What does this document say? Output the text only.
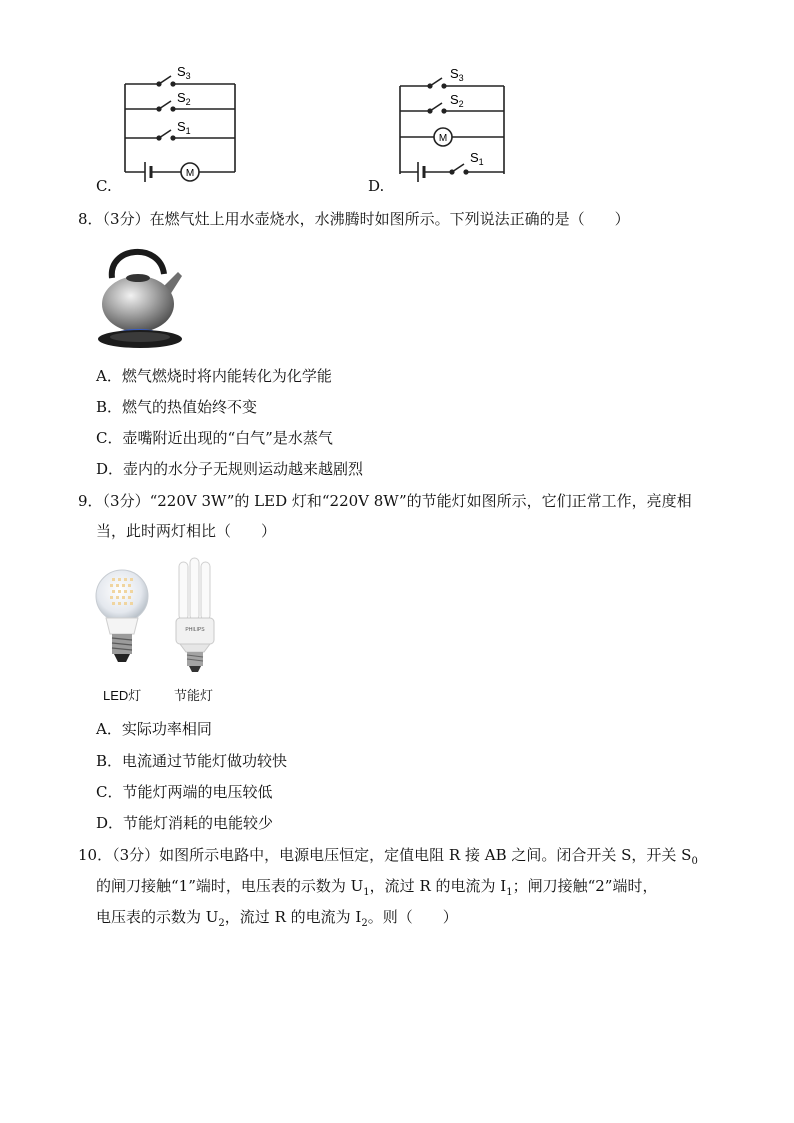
C.
M
$S_3$
$S_2$
$S_1$
D.
M
$S_3$
$S_2$
$S_1$
8．（3分）在燃气灶上用水壶烧水，水沸腾时如图所示。下列说法正确的是（　　）
A．燃气燃烧时将内能转化为化学能
B．燃气的热值始终不变
C．壶嘴附近出现的“白气”是水蒸气
D．壶内的水分子无规则运动越来越剧烈
9．（3分）“220V 3W”的 LED 灯和“220V 8W”的节能灯如图所示，它们正常工作，亮度相
当，此时两灯相比（　　）
PHILIPS
LED灯	节能灯
A．实际功率相同
B．电流通过节能灯做功较快
C．节能灯两端的电压较低
D．节能灯消耗的电能较少
10．（3分）如图所示电路中，电源电压恒定，定值电阻 R 接 AB 之间。闭合开关 S，开关 $S_0$
的闸刀接触“1”端时，电压表的示数为 $U_1$，流过 R 的电流为 $I_1$；闸刀接触“2”端时，
电压表的示数为 $U_2$，流过 R 的电流为 $I_2$。则（　　）
